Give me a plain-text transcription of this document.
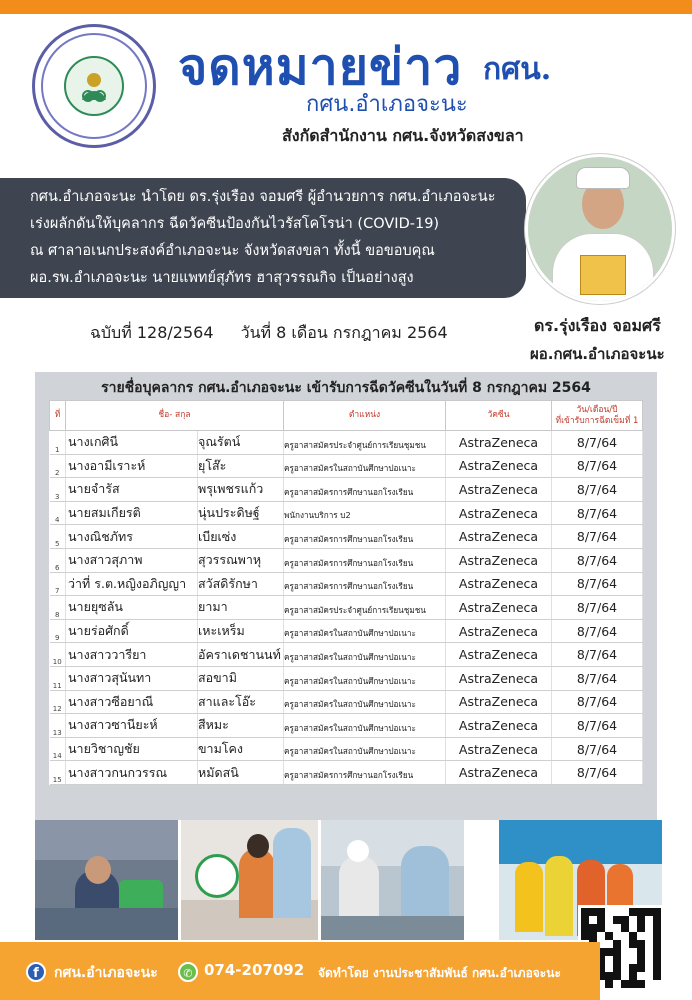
จดหมายข่าว กศน.
กศน.อำเภอจะนะ
สังกัดสำนักงาน กศน.จังหวัดสงขลา

กศน.อำเภอจะนะ นำโดย ดร.รุ่งเรือง จอมศรี ผู้อำนวยการ กศน.อำเภอจะนะ

เร่งผลักดันให้บุคลากร ฉีดวัคซีนป้องกันไวรัสโคโรน่า (COVID-19)

ณ ศาลาอเนกประสงค์อำเภอจะนะ จังหวัดสงขลา ทั้งนี้ ขอขอบคุณ

ผอ.รพ.อำเภอจะนะ นายแพทย์สุภัทร ฮาสุวรรณกิจ เป็นอย่างสูง

ดร.รุ่งเรือง จอมศรี
ผอ.กศน.อำเภอจะนะ
ฉบับที่ 128/2564 วันที่ 8 เดือน กรกฎาคม 2564
รายชื่อบุคลากร กศน.อำเภอจะนะ เข้ารับการฉีดวัคซีนในวันที่ 8 กรกฎาคม 2564
ที่	ชื่อ- สกุล		ตำแหน่ง	วัคซีน	วัน/เดือน/ปี
ที่เข้ารับการฉีดเข็มที่ 1

1	นางเกศินี	จุณรัตน์	ครูอาสาสมัครประจำศูนย์การเรียนชุมชน	AstraZeneca	8/7/64
2	นางอามีเราะห์	ยุโส๊ะ	ครูอาสาสมัครในสถาบันศึกษาปอเนาะ	AstraZeneca	8/7/64
3	นายจำรัส	พรุเพชรแก้ว	ครูอาสาสมัครการศึกษานอกโรงเรียน	AstraZeneca	8/7/64
4	นายสมเกียรติ	นุ่นประดิษฐ์	พนักงานบริการ บ2	AstraZeneca	8/7/64
5	นางณิชภัทร	เบียเซ่ง	ครูอาสาสมัครการศึกษานอกโรงเรียน	AstraZeneca	8/7/64
6	นางสาวสุภาพ	สุวรรณพาหุ	ครูอาสาสมัครการศึกษานอกโรงเรียน	AstraZeneca	8/7/64
7	ว่าที่ ร.ต.หญิงอภิญญา	สวัสดิรักษา	ครูอาสาสมัครการศึกษานอกโรงเรียน	AstraZeneca	8/7/64
8	นายยุซลัน	ยามา	ครูอาสาสมัครประจำศูนย์การเรียนชุมชน	AstraZeneca	8/7/64
9	นายร่อศักดิ์	เหะเหร็ม	ครูอาสาสมัครในสถาบันศึกษาปอเนาะ	AstraZeneca	8/7/64
10	นางสาววารียา	อัคราเดชานนท์	ครูอาสาสมัครในสถาบันศึกษาปอเนาะ	AstraZeneca	8/7/64
11	นางสาวสุนันทา	สอขามิ	ครูอาสาสมัครในสถาบันศึกษาปอเนาะ	AstraZeneca	8/7/64
12	นางสาวซีอยาณี	สาและโอ๊ะ	ครูอาสาสมัครในสถาบันศึกษาปอเนาะ	AstraZeneca	8/7/64
13	นางสาวซานียะห์	สีหมะ	ครูอาสาสมัครในสถาบันศึกษาปอเนาะ	AstraZeneca	8/7/64
14	นายวิชาญชัย	ขามโคง	ครูอาสาสมัครในสถาบันศึกษาปอเนาะ	AstraZeneca	8/7/64
15	นางสาวกนกวรรณ	หมัดสนิ	ครูอาสาสมัครการศึกษานอกโรงเรียน	AstraZeneca	8/7/64
f	กศน.อำเภอจะนะ	✆ 074-207092 จัดทำโดย งานประชาสัมพันธ์ กศน.อำเภอจะนะ
